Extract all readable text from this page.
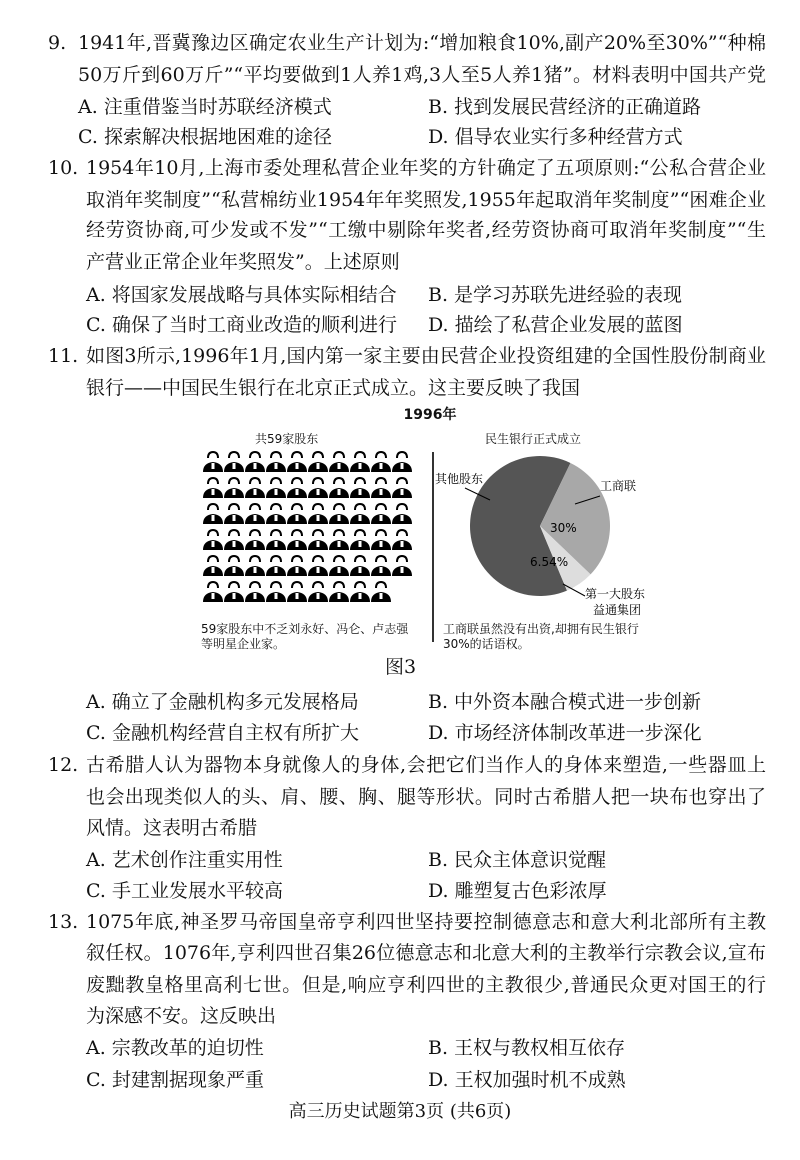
9. 1941年,晋冀豫边区确定农业生产计划为:“增加粮食10%,副产20%至30%”“种棉
50万斤到60万斤”“平均要做到1人养1鸡,3人至5人养1猪”。材料表明中国共产党
A. 注重借鉴当时苏联经济模式	B. 找到发展民营经济的正确道路
C. 探索解决根据地困难的途径	D. 倡导农业实行多种经营方式
10. 1954年10月,上海市委处理私营企业年奖的方针确定了五项原则:“公私合营企业
取消年奖制度”“私营棉纺业1954年年奖照发,1955年起取消年奖制度”“困难企业
经劳资协商,可少发或不发”“工缴中剔除年奖者,经劳资协商可取消年奖制度”“生
产营业正常企业年奖照发”。上述原则
A. 将国家发展战略与具体实际相结合 B. 是学习苏联先进经验的表现
C. 确保了当时工商业改造的顺利进行 D. 描绘了私营企业发展的蓝图
11. 如图3所示,1996年1月,国内第一家主要由民营企业投资组建的全国性股份制商业
银行——中国民生银行在北京正式成立。这主要反映了我国
1996年
共59家股东	民生银行正式成立
其他股东	工商联
30%
6.54%
第一大股东
益通集团
59家股东中不乏刘永好、冯仑、卢志强
等明星企业家。
工商联虽然没有出资,却拥有民生银行
30%的话语权。
图3
A. 确立了金融机构多元发展格局	B. 中外资本融合模式进一步创新
C. 金融机构经营自主权有所扩大	D. 市场经济体制改革进一步深化
12. 古希腊人认为器物本身就像人的身体,会把它们当作人的身体来塑造,一些器皿上
也会出现类似人的头、肩、腰、胸、腿等形状。同时古希腊人把一块布也穿出了
风情。这表明古希腊
A. 艺术创作注重实用性	B. 民众主体意识觉醒
C. 手工业发展水平较高	D. 雕塑复古色彩浓厚
13. 1075年底,神圣罗马帝国皇帝亨利四世坚持要控制德意志和意大利北部所有主教
叙任权。1076年,亨利四世召集26位德意志和北意大利的主教举行宗教会议,宣布
废黜教皇格里高利七世。但是,响应亨利四世的主教很少,普通民众更对国王的行
为深感不安。这反映出
A. 宗教改革的迫切性	B. 王权与教权相互依存
C. 封建割据现象严重	D. 王权加强时机不成熟
高三历史试题第3页 (共6页)
